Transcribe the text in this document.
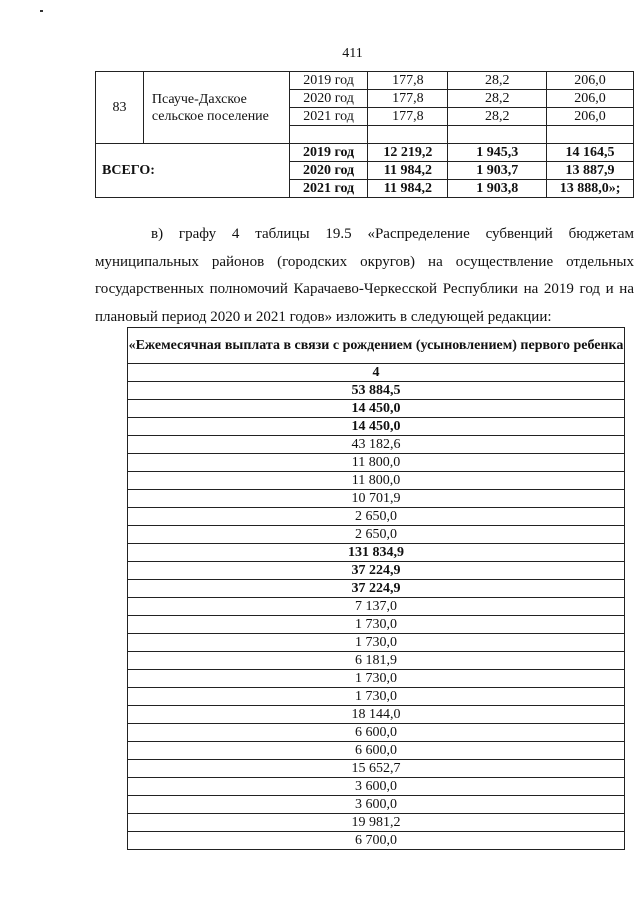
411
83	Псауче-Дахское сельское поселение	2019 год	177,8	28,2	206,0
		2020 год	177,8	28,2	206,0
		2021 год	177,8	28,2	206,0

ВСЕГО:		2019 год	12 219,2	1 945,3	14 164,5
		2020 год	11 984,2	1 903,7	13 887,9
		2021 год	11 984,2	1 903,8	13 888,0»;
в) графу 4 таблицы 19.5 «Распределение субвенций бюджетам муниципальных районов (городских округов) на осуществление отдельных государственных полномочий Карачаево-Черкесской Республики на 2019 год и на плановый период 2020 и 2021 годов» изложить в следующей редакции:
«Ежемесячная выплата в связи с рождением (усыновлением) первого ребенка
4
53 884,5
14 450,0
14 450,0
43 182,6
11 800,0
11 800,0
10 701,9
2 650,0
2 650,0
131 834,9
37 224,9
37 224,9
7 137,0
1 730,0
1 730,0
6 181,9
1 730,0
1 730,0
18 144,0
6 600,0
6 600,0
15 652,7
3 600,0
3 600,0
19 981,2
6 700,0
